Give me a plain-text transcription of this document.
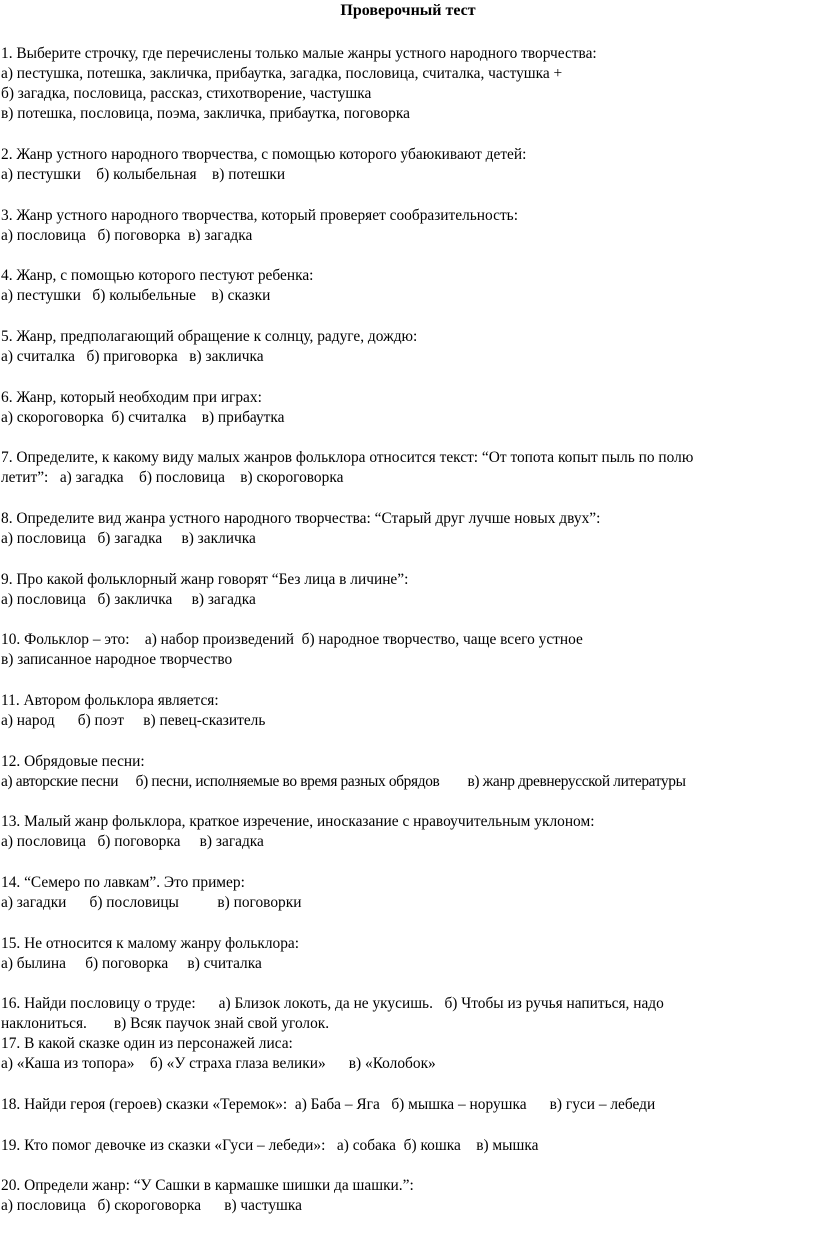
Проверочный тест
1. Выберите строчку, где перечислены только малые жанры устного народного творчества:
а) пестушка, потешка, закличка, прибаутка, загадка, пословица, считалка, частушка +
б) загадка, пословица, рассказ, стихотворение, частушка
в) потешка, пословица, поэма, закличка, прибаутка, поговорка
2. Жанр устного народного творчества, с помощью которого убаюкивают детей:
а) пестушки    б) колыбельная    в) потешки
3. Жанр устного народного творчества, который проверяет сообразительность:
а) пословица   б) поговорка  в) загадка
4. Жанр, с помощью которого пестуют ребенка:
а) пестушки   б) колыбельные    в) сказки
5. Жанр, предполагающий обращение к солнцу, радуге, дождю:
а) считалка   б) приговорка   в) закличка
6. Жанр, который необходим при играх:
а) скороговорка  б) считалка    в) прибаутка
7. Определите, к какому виду малых жанров фольклора относится текст: “От топота копыт пыль по полю
летит”:   а) загадка    б) пословица    в) скороговорка
8. Определите вид жанра устного народного творчества: “Старый друг лучше новых двух”:
а) пословица   б) загадка     в) закличка
9. Про какой фольклорный жанр говорят “Без лица в личине”:
а) пословица   б) закличка     в) загадка
10. Фольклор – это:    а) набор произведений  б) народное творчество, чаще всего устное
в) записанное народное творчество
11. Автором фольклора является:
а) народ      б) поэт     в) певец-сказитель
12. Обрядовые песни:
а) авторские песни     б) песни, исполняемые во время разных обрядов        в) жанр древнерусской литературы
13. Малый жанр фольклора, краткое изречение, иносказание с нравоучительным уклоном:
а) пословица   б) поговорка     в) загадка
14. “Семеро по лавкам”. Это пример:
а) загадки      б) пословицы          в) поговорки
15. Не относится к малому жанру фольклора:
а) былина     б) поговорка     в) считалка
16. Найди пословицу о труде:      а) Близок локоть, да не укусишь.   б) Чтобы из ручья напиться, надо
наклониться.       в) Всяк паучок знай свой уголок.
17. В какой сказке один из персонажей лиса:
а) «Каша из топора»    б) «У страха глаза велики»      в) «Колобок»
18. Найди героя (героев) сказки «Теремок»:  а) Баба – Яга   б) мышка – норушка      в) гуси – лебеди
19. Кто помог девочке из сказки «Гуси – лебеди»:   а) собака  б) кошка    в) мышка
20. Определи жанр: “У Сашки в кармашке шишки да шашки.”:
а) пословица   б) скороговорка      в) частушка
